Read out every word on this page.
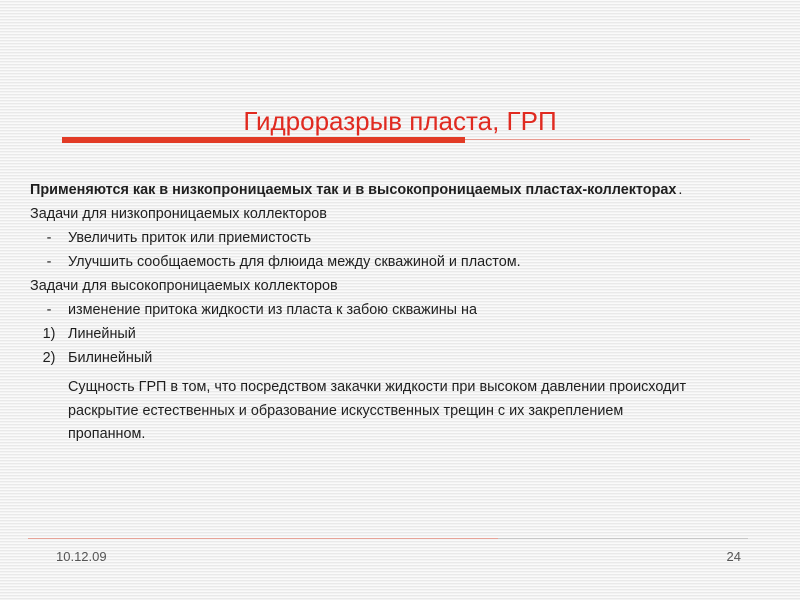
Гидроразрыв пласта, ГРП
Применяются как в низкопроницаемых так и в высокопроницаемых пластах-коллекторах .
Задачи для низкопроницаемых коллекторов
- Увеличить приток или приемистость
- Улучшить сообщаемость для флюида между скважиной и пластом.
Задачи для высокопроницаемых коллекторов
- изменение притока жидкости из пласта к забою скважины на
1) Линейный
2) Билинейный
Сущность ГРП в том, что посредством закачки жидкости при высоком давлении происходит
раскрытие естественных и образование искусственных трещин с их закреплением
пропанном.
10.12.09	24
